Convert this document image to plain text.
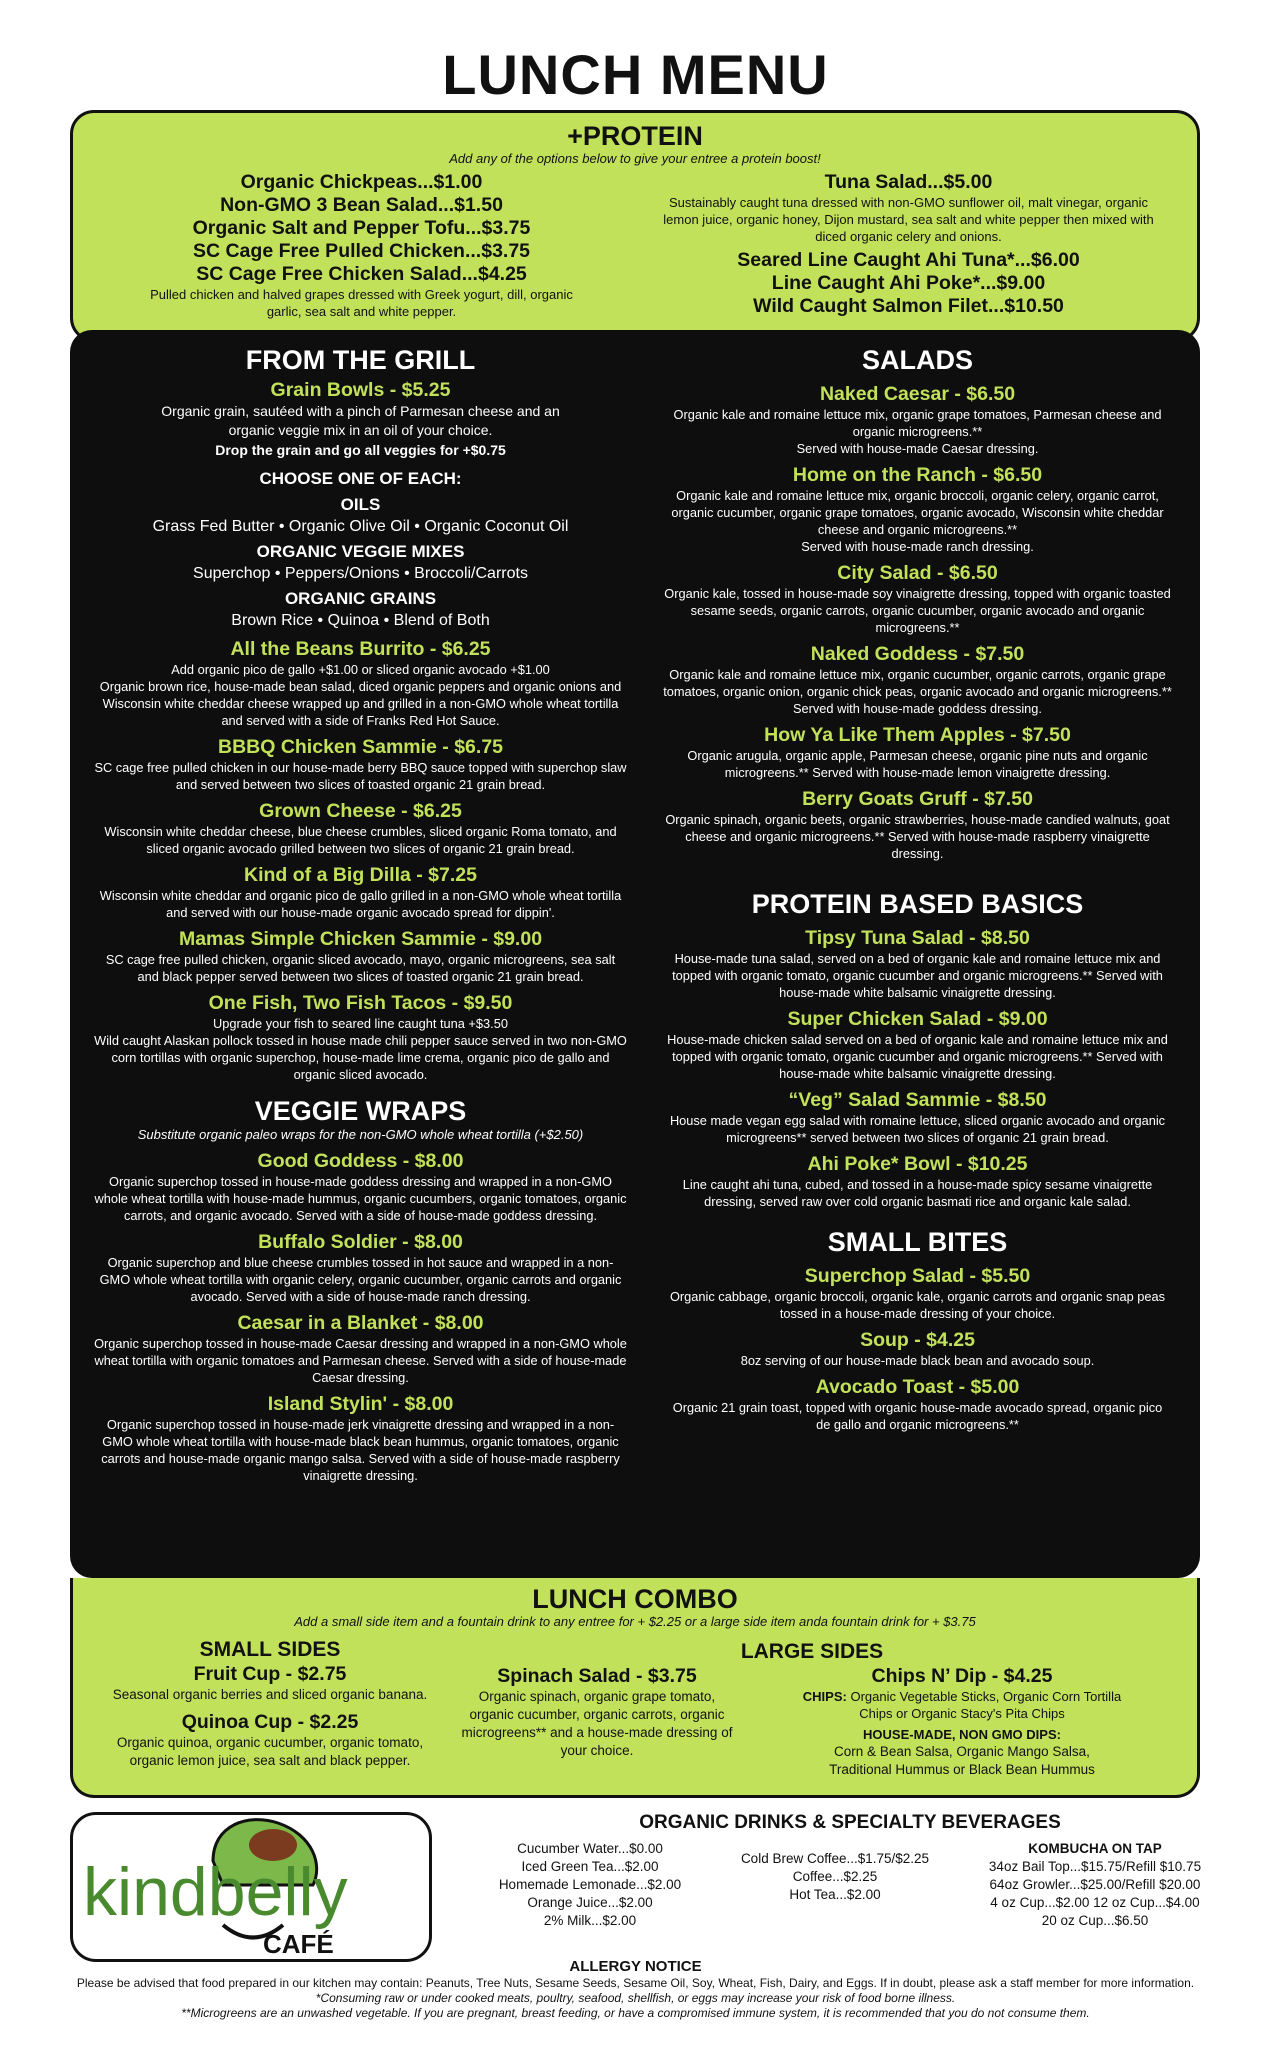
LUNCH MENU
+PROTEIN
Add any of the options below to give your entree a protein boost!
Organic Chickpeas...$1.00
Non-GMO 3 Bean Salad...$1.50
Organic Salt and Pepper Tofu...$3.75
SC Cage Free Pulled Chicken...$3.75
SC Cage Free Chicken Salad...$4.25
Pulled chicken and halved grapes dressed with Greek yogurt, dill, organic garlic, sea salt and white pepper.
Tuna Salad...$5.00
Sustainably caught tuna dressed with non-GMO sunflower oil, malt vinegar, organic lemon juice, organic honey, Dijon mustard, sea salt and white pepper then mixed with diced organic celery and onions.
Seared Line Caught Ahi Tuna*...$6.00
Line Caught Ahi Poke*...$9.00
Wild Caught Salmon Filet...$10.50
FROM THE GRILL
Grain Bowls - $5.25
Organic grain, sautéed with a pinch of Parmesan cheese and an organic veggie mix in an oil of your choice.
Drop the grain and go all veggies for +$0.75
CHOOSE ONE OF EACH:
OILS
Grass Fed Butter • Organic Olive Oil • Organic Coconut Oil
ORGANIC VEGGIE MIXES
Superchop • Peppers/Onions • Broccoli/Carrots
ORGANIC GRAINS
Brown Rice • Quinoa • Blend of Both
All the Beans Burrito - $6.25
Add organic pico de gallo +$1.00 or sliced organic avocado +$1.00
Organic brown rice, house-made bean salad, diced organic peppers and organic onions and Wisconsin white cheddar cheese wrapped up and grilled in a non-GMO whole wheat tortilla and served with a side of Franks Red Hot Sauce.
BBBQ Chicken Sammie - $6.75
SC cage free pulled chicken in our house-made berry BBQ sauce topped with superchop slaw and served between two slices of toasted organic 21 grain bread.
Grown Cheese - $6.25
Wisconsin white cheddar cheese, blue cheese crumbles, sliced organic Roma tomato, and sliced organic avocado grilled between two slices of organic 21 grain bread.
Kind of a Big Dilla - $7.25
Wisconsin white cheddar and organic pico de gallo grilled in a non-GMO whole wheat tortilla and served with our house-made organic avocado spread for dippin'.
Mamas Simple Chicken Sammie - $9.00
SC cage free pulled chicken, organic sliced avocado, mayo, organic microgreens, sea salt and black pepper served between two slices of toasted organic 21 grain bread.
One Fish, Two Fish Tacos - $9.50
Upgrade your fish to seared line caught tuna +$3.50
Wild caught Alaskan pollock tossed in house made chili pepper sauce served in two non-GMO corn tortillas with organic superchop, house-made lime crema, organic pico de gallo and organic sliced avocado.
VEGGIE WRAPS
Substitute organic paleo wraps for the non-GMO whole wheat tortilla (+$2.50)
Good Goddess - $8.00
Organic superchop tossed in house-made goddess dressing and wrapped in a non-GMO whole wheat tortilla with house-made hummus, organic cucumbers, organic tomatoes, organic carrots, and organic avocado. Served with a side of house-made goddess dressing.
Buffalo Soldier - $8.00
Organic superchop and blue cheese crumbles tossed in hot sauce and wrapped in a non-GMO whole wheat tortilla with organic celery, organic cucumber, organic carrots and organic avocado. Served with a side of house-made ranch dressing.
Caesar in a Blanket - $8.00
Organic superchop tossed in house-made Caesar dressing and wrapped in a non-GMO whole wheat tortilla with organic tomatoes and Parmesan cheese. Served with a side of house-made Caesar dressing.
Island Stylin' - $8.00
Organic superchop tossed in house-made jerk vinaigrette dressing and wrapped in a non-GMO whole wheat tortilla with house-made black bean hummus, organic tomatoes, organic carrots and house-made organic mango salsa. Served with a side of house-made raspberry vinaigrette dressing.
SALADS
Naked Caesar - $6.50
Organic kale and romaine lettuce mix, organic grape tomatoes, Parmesan cheese and organic microgreens.**
Served with house-made Caesar dressing.
Home on the Ranch - $6.50
Organic kale and romaine lettuce mix, organic broccoli, organic celery, organic carrot, organic cucumber, organic grape tomatoes, organic avocado, Wisconsin white cheddar cheese and organic microgreens.**
Served with house-made ranch dressing.
City Salad - $6.50
Organic kale, tossed in house-made soy vinaigrette dressing, topped with organic toasted sesame seeds, organic carrots, organic cucumber, organic avocado and organic microgreens.**
Naked Goddess - $7.50
Organic kale and romaine lettuce mix, organic cucumber, organic carrots, organic grape tomatoes, organic onion, organic chick peas, organic avocado and organic microgreens.**
Served with house-made goddess dressing.
How Ya Like Them Apples - $7.50
Organic arugula, organic apple, Parmesan cheese, organic pine nuts and organic microgreens.** Served with house-made lemon vinaigrette dressing.
Berry Goats Gruff - $7.50
Organic spinach, organic beets, organic strawberries, house-made candied walnuts, goat cheese and organic microgreens.** Served with house-made raspberry vinaigrette dressing.
PROTEIN BASED BASICS
Tipsy Tuna Salad - $8.50
House-made tuna salad, served on a bed of organic kale and romaine lettuce mix and topped with organic tomato, organic cucumber and organic microgreens.** Served with house-made white balsamic vinaigrette dressing.
Super Chicken Salad - $9.00
House-made chicken salad served on a bed of organic kale and romaine lettuce mix and topped with organic tomato, organic cucumber and organic microgreens.** Served with house-made white balsamic vinaigrette dressing.
“Veg” Salad Sammie - $8.50
House made vegan egg salad with romaine lettuce, sliced organic avocado and organic microgreens** served between two slices of organic 21 grain bread.
Ahi Poke* Bowl - $10.25
Line caught ahi tuna, cubed, and tossed in a house-made spicy sesame vinaigrette dressing, served raw over cold organic basmati rice and organic kale salad.
SMALL BITES
Superchop Salad - $5.50
Organic cabbage, organic broccoli, organic kale, organic carrots and organic snap peas tossed in a house-made dressing of your choice.
Soup - $4.25
8oz serving of our house-made black bean and avocado soup.
Avocado Toast - $5.00
Organic 21 grain toast, topped with organic house-made avocado spread, organic pico de gallo and organic microgreens.**
LUNCH COMBO
Add a small side item and a fountain drink to any entree for + $2.25 or a large side item anda fountain drink for + $3.75
SMALL SIDES
Fruit Cup - $2.75
Seasonal organic berries and sliced organic banana.
Quinoa Cup - $2.25
Organic quinoa, organic cucumber, organic tomato, organic lemon juice, sea salt and black pepper.
LARGE SIDES
Spinach Salad - $3.75
Organic spinach, organic grape tomato, organic cucumber, organic carrots, organic microgreens** and a house-made dressing of your choice.
Chips N’ Dip - $4.25
CHIPS: Organic Vegetable Sticks, Organic Corn Tortilla Chips or Organic Stacy's Pita Chips
HOUSE-MADE, NON GMO DIPS:
Corn & Bean Salsa, Organic Mango Salsa, Traditional Hummus or Black Bean Hummus
kindbelly
CAFÉ
ORGANIC DRINKS & SPECIALTY BEVERAGES
Cucumber Water...$0.00
Iced Green Tea...$2.00
Homemade Lemonade...$2.00
Orange Juice...$2.00
2% Milk...$2.00
Cold Brew Coffee...$1.75/$2.25
Coffee...$2.25
Hot Tea...$2.00
KOMBUCHA ON TAP
34oz Bail Top...$15.75/Refill $10.75
64oz Growler...$25.00/Refill $20.00
4 oz Cup...$2.00 12 oz Cup...$4.00
20 oz Cup...$6.50
ALLERGY NOTICE
Please be advised that food prepared in our kitchen may contain: Peanuts, Tree Nuts, Sesame Seeds, Sesame Oil, Soy, Wheat, Fish, Dairy, and Eggs. If in doubt, please ask a staff member for more information.
*Consuming raw or under cooked meats, poultry, seafood, shellfish, or eggs may increase your risk of food borne illness.
**Microgreens are an unwashed vegetable. If you are pregnant, breast feeding, or have a compromised immune system, it is recommended that you do not consume them.
